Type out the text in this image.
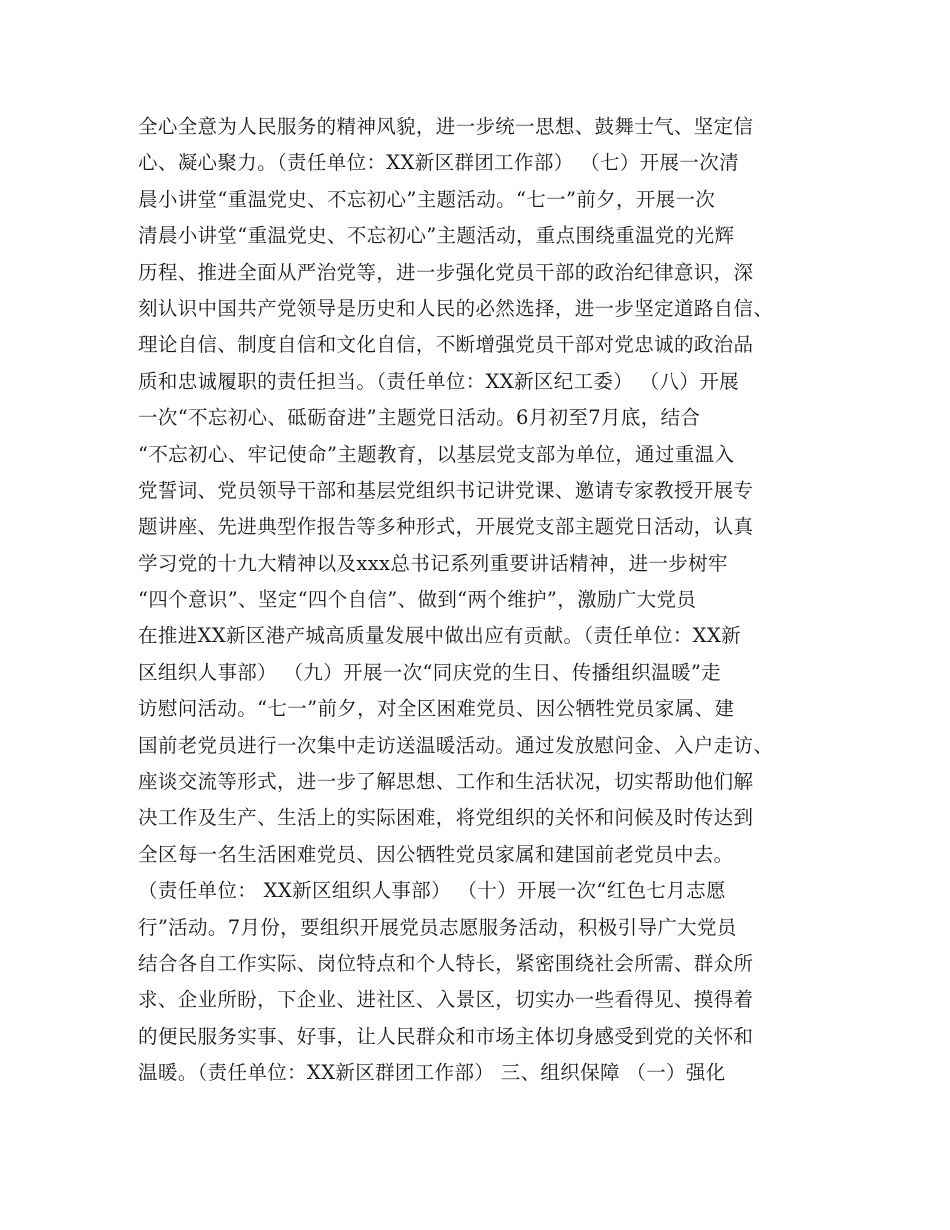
全心全意为人民服务的精神风貌，进一步统一思想、鼓舞士气、坚定信
心、凝心聚力。（责任单位：XX新区群团工作部） （七）开展一次清
晨小讲堂“重温党史、不忘初心”主题活动。“七一”前夕，开展一次
清晨小讲堂“重温党史、不忘初心”主题活动，重点围绕重温党的光辉
历程、推进全面从严治党等，进一步强化党员干部的政治纪律意识，深
刻认识中国共产党领导是历史和人民的必然选择，进一步坚定道路自信、
理论自信、制度自信和文化自信，不断增强党员干部对党忠诚的政治品
质和忠诚履职的责任担当。（责任单位：XX新区纪工委） （八）开展
一次“不忘初心、砥砺奋进”主题党日活动。6月初至7月底，结合
“不忘初心、牢记使命”主题教育，以基层党支部为单位，通过重温入
党誓词、党员领导干部和基层党组织书记讲党课、邀请专家教授开展专
题讲座、先进典型作报告等多种形式，开展党支部主题党日活动，认真
学习党的十九大精神以及xxx总书记系列重要讲话精神，进一步树牢
“四个意识”、坚定“四个自信”、做到“两个维护”，激励广大党员
在推进XX新区港产城高质量发展中做出应有贡献。（责任单位：XX新
区组织人事部） （九）开展一次“同庆党的生日、传播组织温暖”走
访慰问活动。“七一”前夕，对全区困难党员、因公牺牲党员家属、建
国前老党员进行一次集中走访送温暖活动。通过发放慰问金、入户走访、
座谈交流等形式，进一步了解思想、工作和生活状况，切实帮助他们解
决工作及生产、生活上的实际困难，将党组织的关怀和问候及时传达到
全区每一名生活困难党员、因公牺牲党员家属和建国前老党员中去。
（责任单位： XX新区组织人事部） （十）开展一次“红色七月志愿
行”活动。7月份，要组织开展党员志愿服务活动，积极引导广大党员
结合各自工作实际、岗位特点和个人特长，紧密围绕社会所需、群众所
求、企业所盼，下企业、进社区、入景区，切实办一些看得见、摸得着
的便民服务实事、好事，让人民群众和市场主体切身感受到党的关怀和
温暖。（责任单位：XX新区群团工作部） 三、组织保障 （一）强化
